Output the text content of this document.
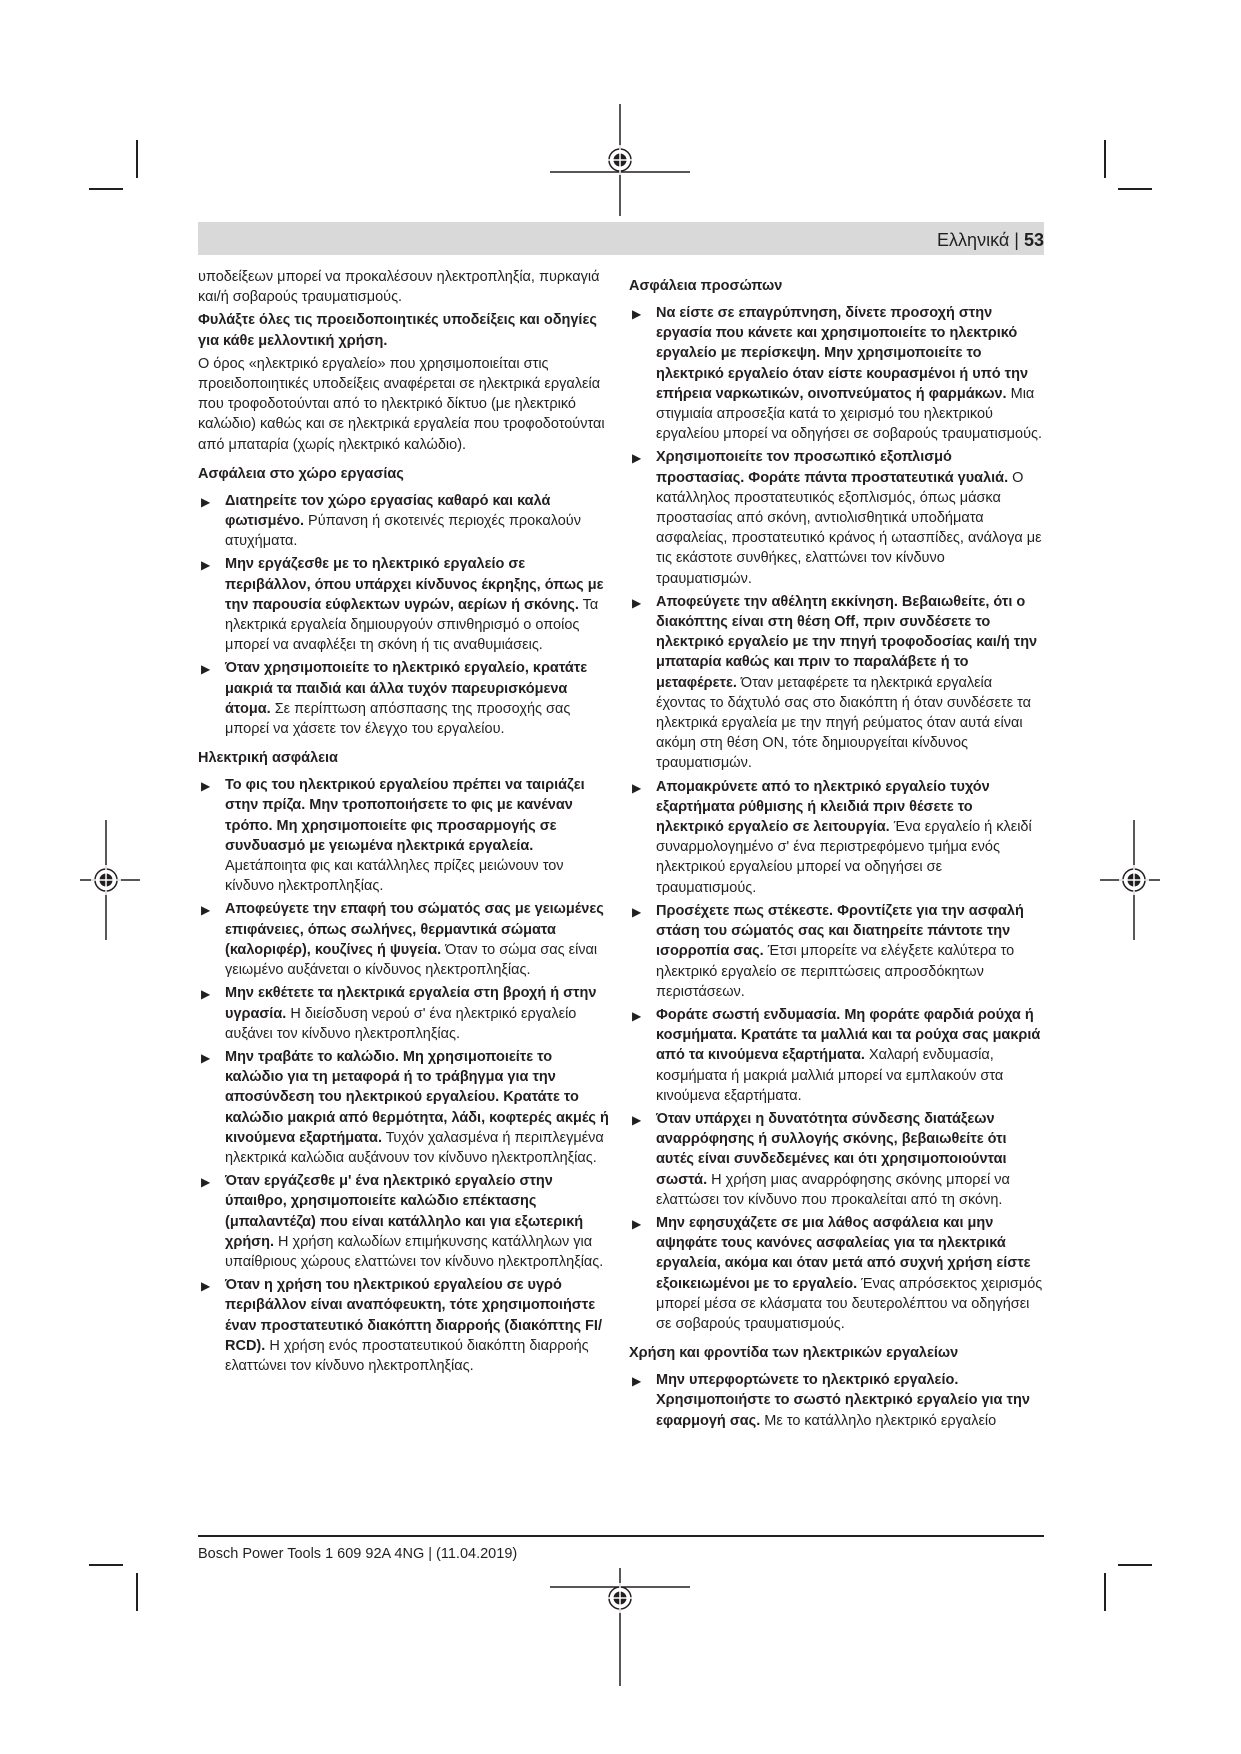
Ελληνικά | 53

υποδείξεων μπορεί να προκαλέσουν ηλεκτροπληξία, πυρκαγιά και/ή σοβαρούς τραυματισμούς.

Φυλάξτε όλες τις προειδοποιητικές υποδείξεις και οδηγίες για κάθε μελλοντική χρήση.

Ο όρος «ηλεκτρικό εργαλείο» που χρησιμοποιείται στις προειδοποιητικές υποδείξεις αναφέρεται σε ηλεκτρικά εργαλεία που τροφοδοτούνται από το ηλεκτρικό δίκτυο (με ηλεκτρικό καλώδιο) καθώς και σε ηλεκτρικά εργαλεία που τροφοδοτούνται από μπαταρία (χωρίς ηλεκτρικό καλώδιο).

Ασφάλεια στο χώρο εργασίας

▶ Διατηρείτε τον χώρο εργασίας καθαρό και καλά φωτισμένο. Ρύπανση ή σκοτεινές περιοχές προκαλούν ατυχήματα.

▶ Μην εργάζεσθε με το ηλεκτρικό εργαλείο σε περιβάλλον, όπου υπάρχει κίνδυνος έκρηξης, όπως με την παρουσία εύφλεκτων υγρών, αερίων ή σκόνης. Τα ηλεκτρικά εργαλεία δημιουργούν σπινθηρισμό ο οποίος μπορεί να αναφλέξει τη σκόνη ή τις αναθυμιάσεις.

▶ Όταν χρησιμοποιείτε το ηλεκτρικό εργαλείο, κρατάτε μακριά τα παιδιά και άλλα τυχόν παρευρισκόμενα άτομα. Σε περίπτωση απόσπασης της προσοχής σας μπορεί να χάσετε τον έλεγχο του εργαλείου.

Ηλεκτρική ασφάλεια

▶ Το φις του ηλεκτρικού εργαλείου πρέπει να ταιριάζει στην πρίζα. Μην τροποποιήσετε το φις με κανέναν τρόπο. Μη χρησιμοποιείτε φις προσαρμογής σε συνδυασμό με γειωμένα ηλεκτρικά εργαλεία. Αμετάποιητα φις και κατάλληλες πρίζες μειώνουν τον κίνδυνο ηλεκτροπληξίας.

▶ Αποφεύγετε την επαφή του σώματός σας με γειωμένες επιφάνειες, όπως σωλήνες, θερμαντικά σώματα (καλοριφέρ), κουζίνες ή ψυγεία. Όταν το σώμα σας είναι γειωμένο αυξάνεται ο κίνδυνος ηλεκτροπληξίας.

▶ Μην εκθέτετε τα ηλεκτρικά εργαλεία στη βροχή ή στην υγρασία. Η διείσδυση νερού σ' ένα ηλεκτρικό εργαλείο αυξάνει τον κίνδυνο ηλεκτροπληξίας.

▶ Μην τραβάτε το καλώδιο. Μη χρησιμοποιείτε το καλώδιο για τη μεταφορά ή το τράβηγμα για την αποσύνδεση του ηλεκτρικού εργαλείου. Κρατάτε το καλώδιο μακριά από θερμότητα, λάδι, κοφτερές ακμές ή κινούμενα εξαρτήματα. Τυχόν χαλασμένα ή περιπλεγμένα ηλεκτρικά καλώδια αυξάνουν τον κίνδυνο ηλεκτροπληξίας.

▶ Όταν εργάζεσθε μ' ένα ηλεκτρικό εργαλείο στην ύπαιθρο, χρησιμοποιείτε καλώδιο επέκτασης (μπαλαντέζα) που είναι κατάλληλο και για εξωτερική χρήση. Η χρήση καλωδίων επιμήκυνσης κατάλληλων για υπαίθριους χώρους ελαττώνει τον κίνδυνο ηλεκτροπληξίας.

▶ Όταν η χρήση του ηλεκτρικού εργαλείου σε υγρό περιβάλλον είναι αναπόφευκτη, τότε χρησιμοποιήστε έναν προστατευτικό διακόπτη διαρροής (διακόπτης FI/ RCD). Η χρήση ενός προστατευτικού διακόπτη διαρροής ελαττώνει τον κίνδυνο ηλεκτροπληξίας.

Ασφάλεια προσώπων

▶ Να είστε σε επαγρύπνηση, δίνετε προσοχή στην εργασία που κάνετε και χρησιμοποιείτε το ηλεκτρικό εργαλείο με περίσκεψη. Μην χρησιμοποιείτε το ηλεκτρικό εργαλείο όταν είστε κουρασμένοι ή υπό την επήρεια ναρκωτικών, οινοπνεύματος ή φαρμάκων. Μια στιγμιαία απροσεξία κατά το χειρισμό του ηλεκτρικού εργαλείου μπορεί να οδηγήσει σε σοβαρούς τραυματισμούς.

▶ Χρησιμοποιείτε τον προσωπικό εξοπλισμό προστασίας. Φοράτε πάντα προστατευτικά γυαλιά. Ο κατάλληλος προστατευτικός εξοπλισμός, όπως μάσκα προστασίας από σκόνη, αντιολισθητικά υποδήματα ασφαλείας, προστατευτικό κράνος ή ωτασπίδες, ανάλογα με τις εκάστοτε συνθήκες, ελαττώνει τον κίνδυνο τραυματισμών.

▶ Αποφεύγετε την αθέλητη εκκίνηση. Βεβαιωθείτε, ότι ο διακόπτης είναι στη θέση Off, πριν συνδέσετε το ηλεκτρικό εργαλείο με την πηγή τροφοδοσίας και/ή την μπαταρία καθώς και πριν το παραλάβετε ή το μεταφέρετε. Όταν μεταφέρετε τα ηλεκτρικά εργαλεία έχοντας το δάχτυλό σας στο διακόπτη ή όταν συνδέσετε τα ηλεκτρικά εργαλεία με την πηγή ρεύματος όταν αυτά είναι ακόμη στη θέση ΟΝ, τότε δημιουργείται κίνδυνος τραυματισμών.

▶ Απομακρύνετε από το ηλεκτρικό εργαλείο τυχόν εξαρτήματα ρύθμισης ή κλειδιά πριν θέσετε το ηλεκτρικό εργαλείο σε λειτουργία. Ένα εργαλείο ή κλειδί συναρμολογημένο σ' ένα περιστρεφόμενο τμήμα ενός ηλεκτρικού εργαλείου μπορεί να οδηγήσει σε τραυματισμούς.

▶ Προσέχετε πως στέκεστε. Φροντίζετε για την ασφαλή στάση του σώματός σας και διατηρείτε πάντοτε την ισορροπία σας. Έτσι μπορείτε να ελέγξετε καλύτερα το ηλεκτρικό εργαλείο σε περιπτώσεις απροσδόκητων περιστάσεων.

▶ Φοράτε σωστή ενδυμασία. Μη φοράτε φαρδιά ρούχα ή κοσμήματα. Κρατάτε τα μαλλιά και τα ρούχα σας μακριά από τα κινούμενα εξαρτήματα. Χαλαρή ενδυμασία, κοσμήματα ή μακριά μαλλιά μπορεί να εμπλακούν στα κινούμενα εξαρτήματα.

▶ Όταν υπάρχει η δυνατότητα σύνδεσης διατάξεων αναρρόφησης ή συλλογής σκόνης, βεβαιωθείτε ότι αυτές είναι συνδεδεμένες και ότι χρησιμοποιούνται σωστά. Η χρήση μιας αναρρόφησης σκόνης μπορεί να ελαττώσει τον κίνδυνο που προκαλείται από τη σκόνη.

▶ Μην εφησυχάζετε σε μια λάθος ασφάλεια και μην αψηφάτε τους κανόνες ασφαλείας για τα ηλεκτρικά εργαλεία, ακόμα και όταν μετά από συχνή χρήση είστε εξοικειωμένοι με το εργαλείο. Ένας απρόσεκτος χειρισμός μπορεί μέσα σε κλάσματα του δευτερολέπτου να οδηγήσει σε σοβαρούς τραυματισμούς.

Χρήση και φροντίδα των ηλεκτρικών εργαλείων

▶ Μην υπερφορτώνετε το ηλεκτρικό εργαλείο. Χρησιμοποιήστε το σωστό ηλεκτρικό εργαλείο για την εφαρμογή σας. Με το κατάλληλο ηλεκτρικό εργαλείο

Bosch Power Tools 1 609 92A 4NG | (11.04.2019)
